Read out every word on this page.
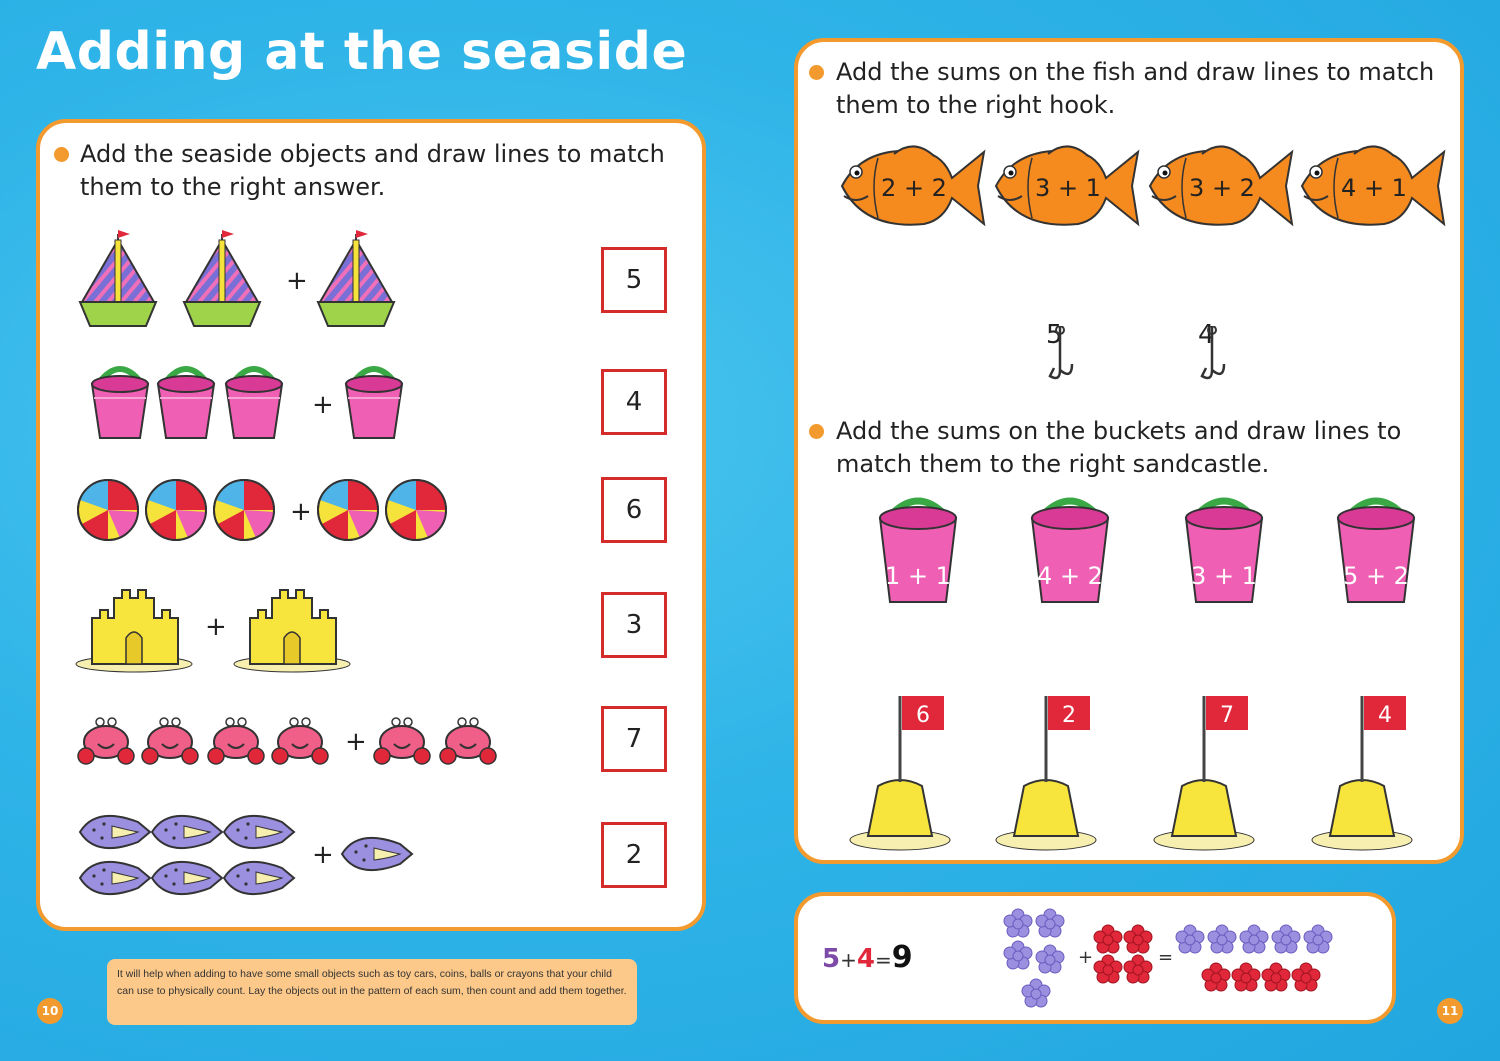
Adding at the seaside

Add the seaside objects and draw lines to match them to the right answer.

+
+
+
+
+
+
5
4
6
3
7
2
10
It will help when adding to have some small objects such as toy cars, coins, balls or crayons that your child can use to physically count. Lay the objects out in the pattern of each sum, then count and add them together.

Add the sums on the fish and draw lines to match them to the right hook.

2 + 2	3 + 1	3 + 2	4 + 1
5	4

Add the sums on the buckets and draw lines to match them to the right sandcastle.

1 + 1	4 + 2	3 + 1	5 + 2
6	2	7	4
5+4=9	+	=
11
